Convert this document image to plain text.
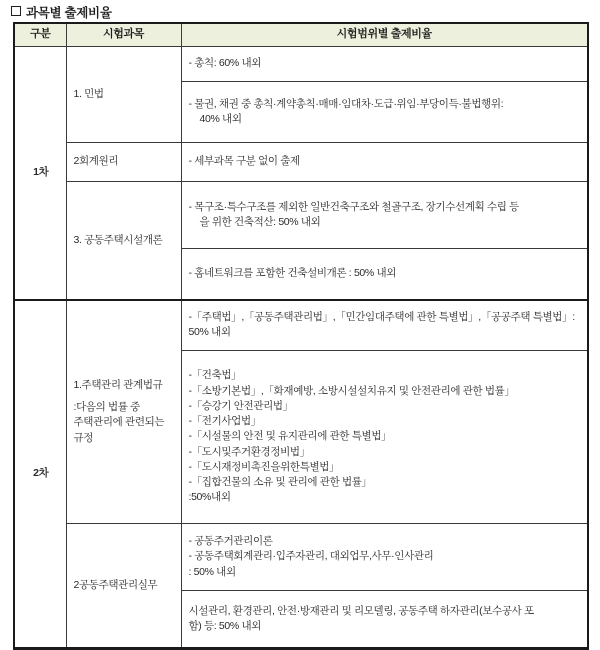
과목별 출제비율
구분	시험과목	시험범위별 출제비율
1차	1. 민법	- 총칙: 60% 내외

		- 물권, 채권 중 총칙·계약총칙·매매·임대차·도급·위임·부당이득·불법행위:
40% 내외

	2회계원리	- 세부과목 구분 없이 출제

	3. 공동주택시설개론	- 목구조·특수구조를 제외한 일반건축구조와 철골구조, 장기수선계획 수립 등
을 위한 건축적산: 50% 내외

		- 홈네트워크를 포함한 건축설비개론 : 50% 내외

2차	1.주택관리 관계법규
:다음의 법률 중 주택관리에 관련되는 규정	-「주택법」,「공동주택관리법」,「민간임대주택에 관한 특별법」,「공공주택 특별법」:
50% 내외

-「건축법」
-「소방기본법」,「화재예방, 소방시설설치유지 및 안전관리에 관한 법률」
-「승강기 안전관리법」
-「전기사업법」
-「시설물의 안전 및 유지관리에 관한 특별법」
-「도시및주거환경정비법」
-「도시재정비촉진을위한특별법」
-「집합건물의 소유 및 관리에 관한 법률」
:50%내외

	2공동주택관리실무	- 공동주거관리이론
- 공동주택회계관리·입주자관리, 대외업무,사무·인사관리
: 50% 내외

		시설관리, 환경관리, 안전·방재관리 및 리모델링, 공동주택 하자관리(보수공사 포
함) 등: 50% 내외
